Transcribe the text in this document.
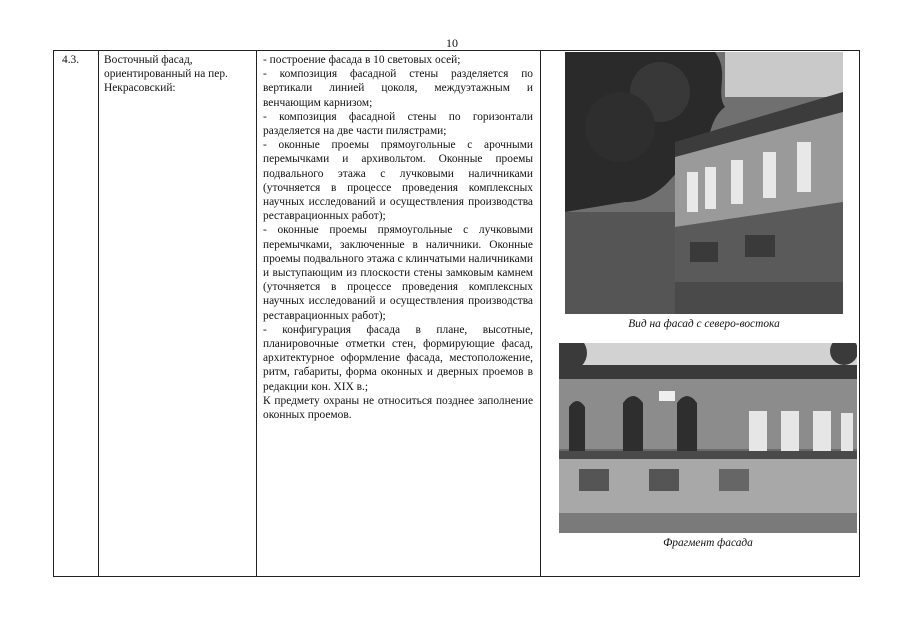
10
4.3.	Восточный фасад,
ориентированный на пер.
Некрасовский:

- построение фасада в 10 световых осей;

- композиция фасадной стены разделяется по вертикали линией цоколя, междуэтажным и венчающим карнизом;

- композиция фасадной стены по горизонтали разделяется на две части пилястрами;

- оконные проемы прямоугольные с арочными перемычками и архивольтом. Оконные проемы подвального этажа с лучковыми наличниками (уточняется в процессе проведения комплексных научных исследований и осуществления производства реставрационных работ);

- оконные проемы прямоугольные с лучковыми перемычками, заключенные в наличники. Оконные проемы подвального этажа с клинчатыми наличниками и выступающим из плоскости стены замковым камнем (уточняется в процессе проведения комплексных научных исследований и осуществления производства реставрационных работ);

- конфигурация фасада в плане, высотные, планировочные отметки стен, формирующие фасад, архитектурное оформление фасада, местоположение, ритм, габариты, форма оконных и дверных проемов в редакции кон. XIX в.;

К предмету охраны не относиться позднее заполнение оконных проемов.

Вид на фасад с северо-востока
Фрагмент фасада
